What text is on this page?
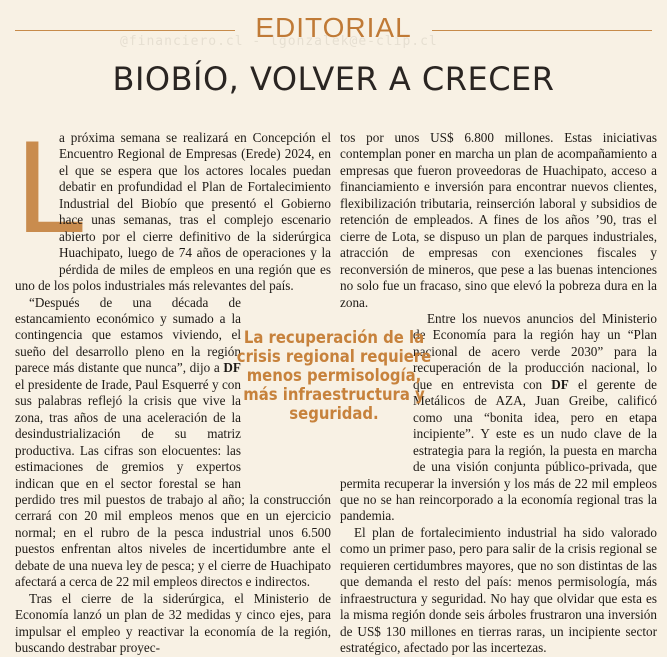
EDITORIAL
@financiero.cl - lgonzalek@e-clip.cl
BIOBÍO, VOLVER A CRECER
L

a próxima semana se realizará en Concepción el Encuentro Regional de Empresas (Erede) 2024, en el que se espera que los actores locales puedan debatir en profundidad el Plan de Fortalecimiento Industrial del Biobío que presentó el Gobierno hace unas semanas, tras el complejo escenario abierto por el cierre definitivo de la siderúrgica Huachipato, luego de 74 años de operaciones y la pérdida de miles de empleos en una región que es uno de los polos industriales más relevantes del país.

“Después de una década de estancamiento económico y sumado a la contingencia que estamos viviendo, el sueño del desarrollo pleno en la región parece más distante que nunca”, dijo a DF el presidente de Irade, Paul Esquerré y con sus palabras reflejó la crisis que vive la zona, tras años de una aceleración de la desindustrialización de su matriz productiva. Las cifras son elocuentes: las estimaciones de gremios y expertos indican que en el sector forestal se han perdido tres mil puestos de trabajo al año; la construcción cerrará con 20 mil empleos menos que en un ejercicio normal; en el rubro de la pesca industrial unos 6.500 puestos enfrentan altos niveles de incertidumbre ante el debate de una nueva ley de pesca; y el cierre de Huachipato afectará a cerca de 22 mil empleos directos e indirectos.

Tras el cierre de la siderúrgica, el Ministerio de Economía lanzó un plan de 32 medidas y cinco ejes, para impulsar el empleo y reactivar la economía de la región, buscando destrabar proyec-

tos por unos US$ 6.800 millones. Estas iniciativas contemplan poner en marcha un plan de acompañamiento a empresas que fueron proveedoras de Huachipato, acceso a financiamiento e inversión para encontrar nuevos clientes, flexibilización tributaria, reinserción laboral y subsidios de retención de empleados. A fines de los años ’90, tras el cierre de Lota, se dispuso un plan de parques industriales, atracción de empresas con exenciones fiscales y reconversión de mineros, que pese a las buenas intenciones no solo fue un fracaso, sino que elevó la pobreza dura en la zona.

Entre los nuevos anuncios del Ministerio de Economía para la región hay un “Plan nacional de acero verde 2030” para la recuperación de la producción nacional, lo que en entrevista con DF el gerente de Metálicos de AZA, Juan Greibe, calificó como una “bonita idea, pero en etapa incipiente”. Y este es un nudo clave de la estrategia para la región, la puesta en marcha de una visión conjunta público-privada, que permita recuperar la inversión y los más de 22 mil empleos que no se han reincorporado a la economía regional tras la pandemia.

El plan de fortalecimiento industrial ha sido valorado como un primer paso, pero para salir de la crisis regional se requieren certidumbres mayores, que no son distintas de las que demanda el resto del país: menos permisología, más infraestructura y seguridad. No hay que olvidar que esta es la misma región donde seis árboles frustraron una inversión de US$ 130 millones en tierras raras, un incipiente sector estratégico, afectado por las incertezas.

La recuperación de la crisis regional requiere menos permisología, más infraestructura y seguridad.
